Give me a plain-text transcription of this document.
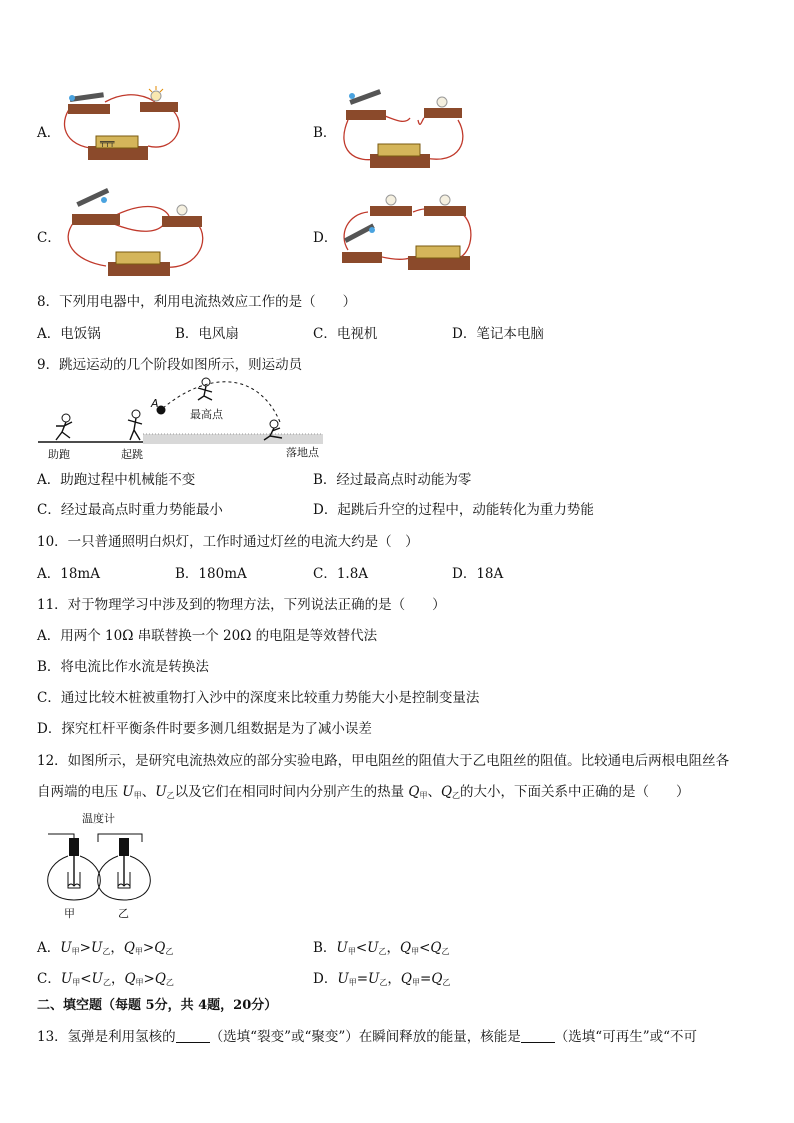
A．	B．
C．	D．
╤╤╤
8．下列用电器中，利用电流热效应工作的是（　　）
A．电饭锅	B．电风扇	C．电视机	D．笔记本电脑
9．跳远运动的几个阶段如图所示，则运动员
A
最高点
助跑	起跳	落地点
A．助跑过程中机械能不变	B．经过最高点时动能为零
C．经过最高点时重力势能最小	D．起跳后升空的过程中，动能转化为重力势能
10．一只普通照明白炽灯，工作时通过灯丝的电流大约是（　）
A．18mA	B．180mA	C．1.8A	D．18A
11．对于物理学习中涉及到的物理方法，下列说法正确的是（　　）
A．用两个 10Ω 串联替换一个 20Ω 的电阻是等效替代法
B．将电流比作水流是转换法
C．通过比较木桩被重物打入沙中的深度来比较重力势能大小是控制变量法
D．探究杠杆平衡条件时要多测几组数据是为了减小误差
12．如图所示，是研究电流热效应的部分实验电路，甲电阻丝的阻值大于乙电阻丝的阻值。比较通电后两根电阻丝各
自两端的电压 $U_甲$、$U_乙$以及它们在相同时间内分别产生的热量 $Q_甲$、$Q_乙$的大小，下面关系中正确的是（　　）
温度计
甲	乙
A．$U_甲>U_乙$，$Q_甲>Q_乙$	B．$U_甲<U_乙$，$Q_甲<Q_乙$
C．$U_甲<U_乙$，$Q_甲>Q_乙$	D．$U_甲=U_乙$，$Q_甲=Q_乙$
二、填空题（每题 5分，共 4题，20分）
13．氢弹是利用氢核的	（选填“裂变”或“聚变”）在瞬间释放的能量，核能是	（选填“可再生”或“不可
